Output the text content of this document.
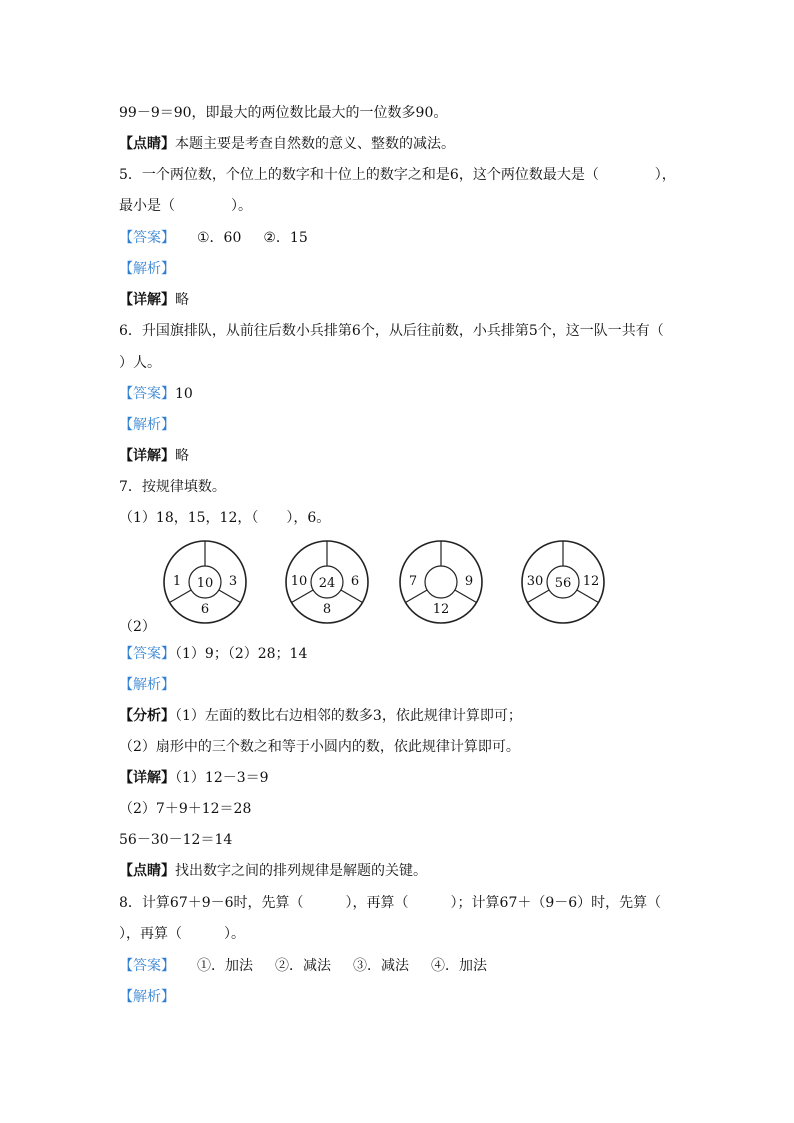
99－9＝90，即最大的两位数比最大的一位数多90。
【点睛】本题主要是考查自然数的意义、整数的减法。
5．一个两位数，个位上的数字和十位上的数字之和是6，这个两位数最大是（　　　　），
最小是（　　　　）。
【答案】 ①．60 ②．15
【解析】
【详解】略
6．升国旗排队，从前往后数小兵排第6个，从后往前数，小兵排第5个，这一队一共有（
）人。
【答案】10
【解析】
【详解】略
7．按规律填数。
（1）18，15，12，（　　），6。
1	3
6
10	10	6
8
24	7	9
12
30	12
56
（2）
【答案】（1）9；（2）28；14
【解析】
【分析】（1）左面的数比右边相邻的数多3，依此规律计算即可；
（2）扇形中的三个数之和等于小圆内的数，依此规律计算即可。
【详解】（1）12－3＝9
（2）7＋9＋12＝28
56－30－12＝14
【点睛】找出数字之间的排列规律是解题的关键。
8．计算67＋9－6时，先算（　　　），再算（　　　）；计算67＋（9－6）时，先算（
），再算（　　　）。
【答案】 ①．加法 ②．减法 ③．减法 ④．加法
【解析】
